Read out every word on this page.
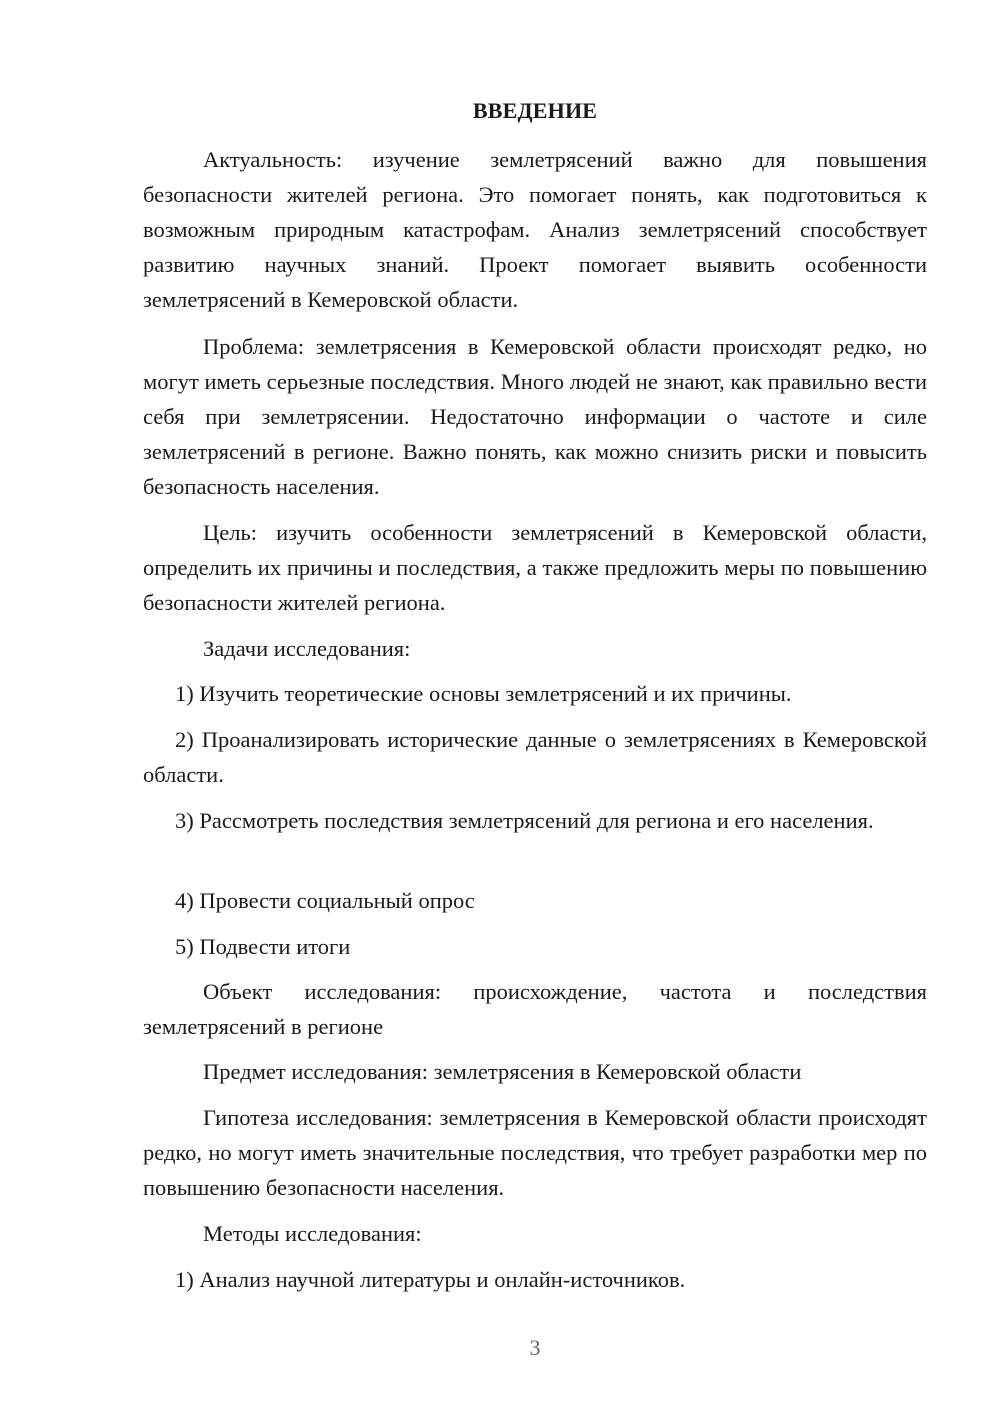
ВВЕДЕНИЕ

Актуальность: изучение землетрясений важно для повышения безопасности жителей региона. Это помогает понять, как подготовиться к возможным природным катастрофам. Анализ землетрясений способствует развитию научных знаний. Проект помогает выявить особенности землетрясений в Кемеровской области.

Проблема: землетрясения в Кемеровской области происходят редко, но могут иметь серьезные последствия. Много людей не знают, как правильно вести себя при землетрясении. Недостаточно информации о частоте и силе землетрясений в регионе. Важно понять, как можно снизить риски и повысить безопасность населения.

Цель: изучить особенности землетрясений в Кемеровской области, определить их причины и последствия, а также предложить меры по повышению безопасности жителей региона.

Задачи исследования:

1) Изучить теоретические основы землетрясений и их причины.

2) Проанализировать исторические данные о землетрясениях в Кемеровской области.

3) Рассмотреть последствия землетрясений для региона и его населения.

4) Провести социальный опрос

5) Подвести итоги

Объект исследования: происхождение, частота и последствия землетрясений в регионе

Предмет исследования: землетрясения в Кемеровской области

Гипотеза исследования: землетрясения в Кемеровской области происходят редко, но могут иметь значительные последствия, что требует разработки мер по повышению безопасности населения.

Методы исследования:

1) Анализ научной литературы и онлайн-источников.

3
